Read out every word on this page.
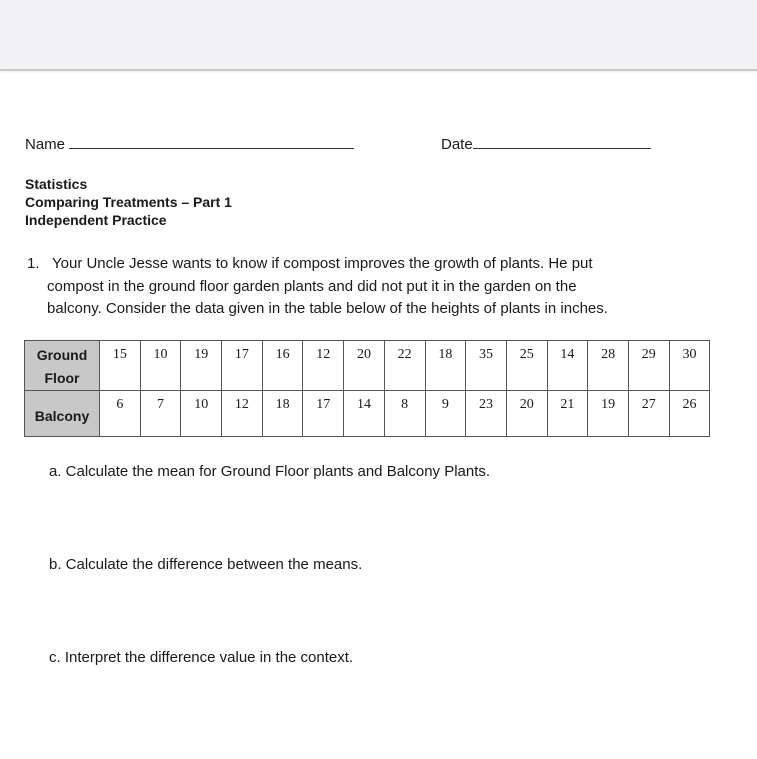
Name	Date
Statistics
Comparing Treatments – Part 1
Independent Practice
1. Your Uncle Jesse wants to know if compost improves the growth of plants. He put
compost in the ground floor garden plants and did not put it in the garden on the
balcony. Consider the data given in the table below of the heights of plants in inches.
Ground
Floor	15	10	19	17	16	12	20	22	18	35	25	14	28	29	30

Balcony	6	7	10	12	18	17	14	8	9	23	20	21	19	27	26
a. Calculate the mean for Ground Floor plants and Balcony Plants.
b. Calculate the difference between the means.
c. Interpret the difference value in the context.
